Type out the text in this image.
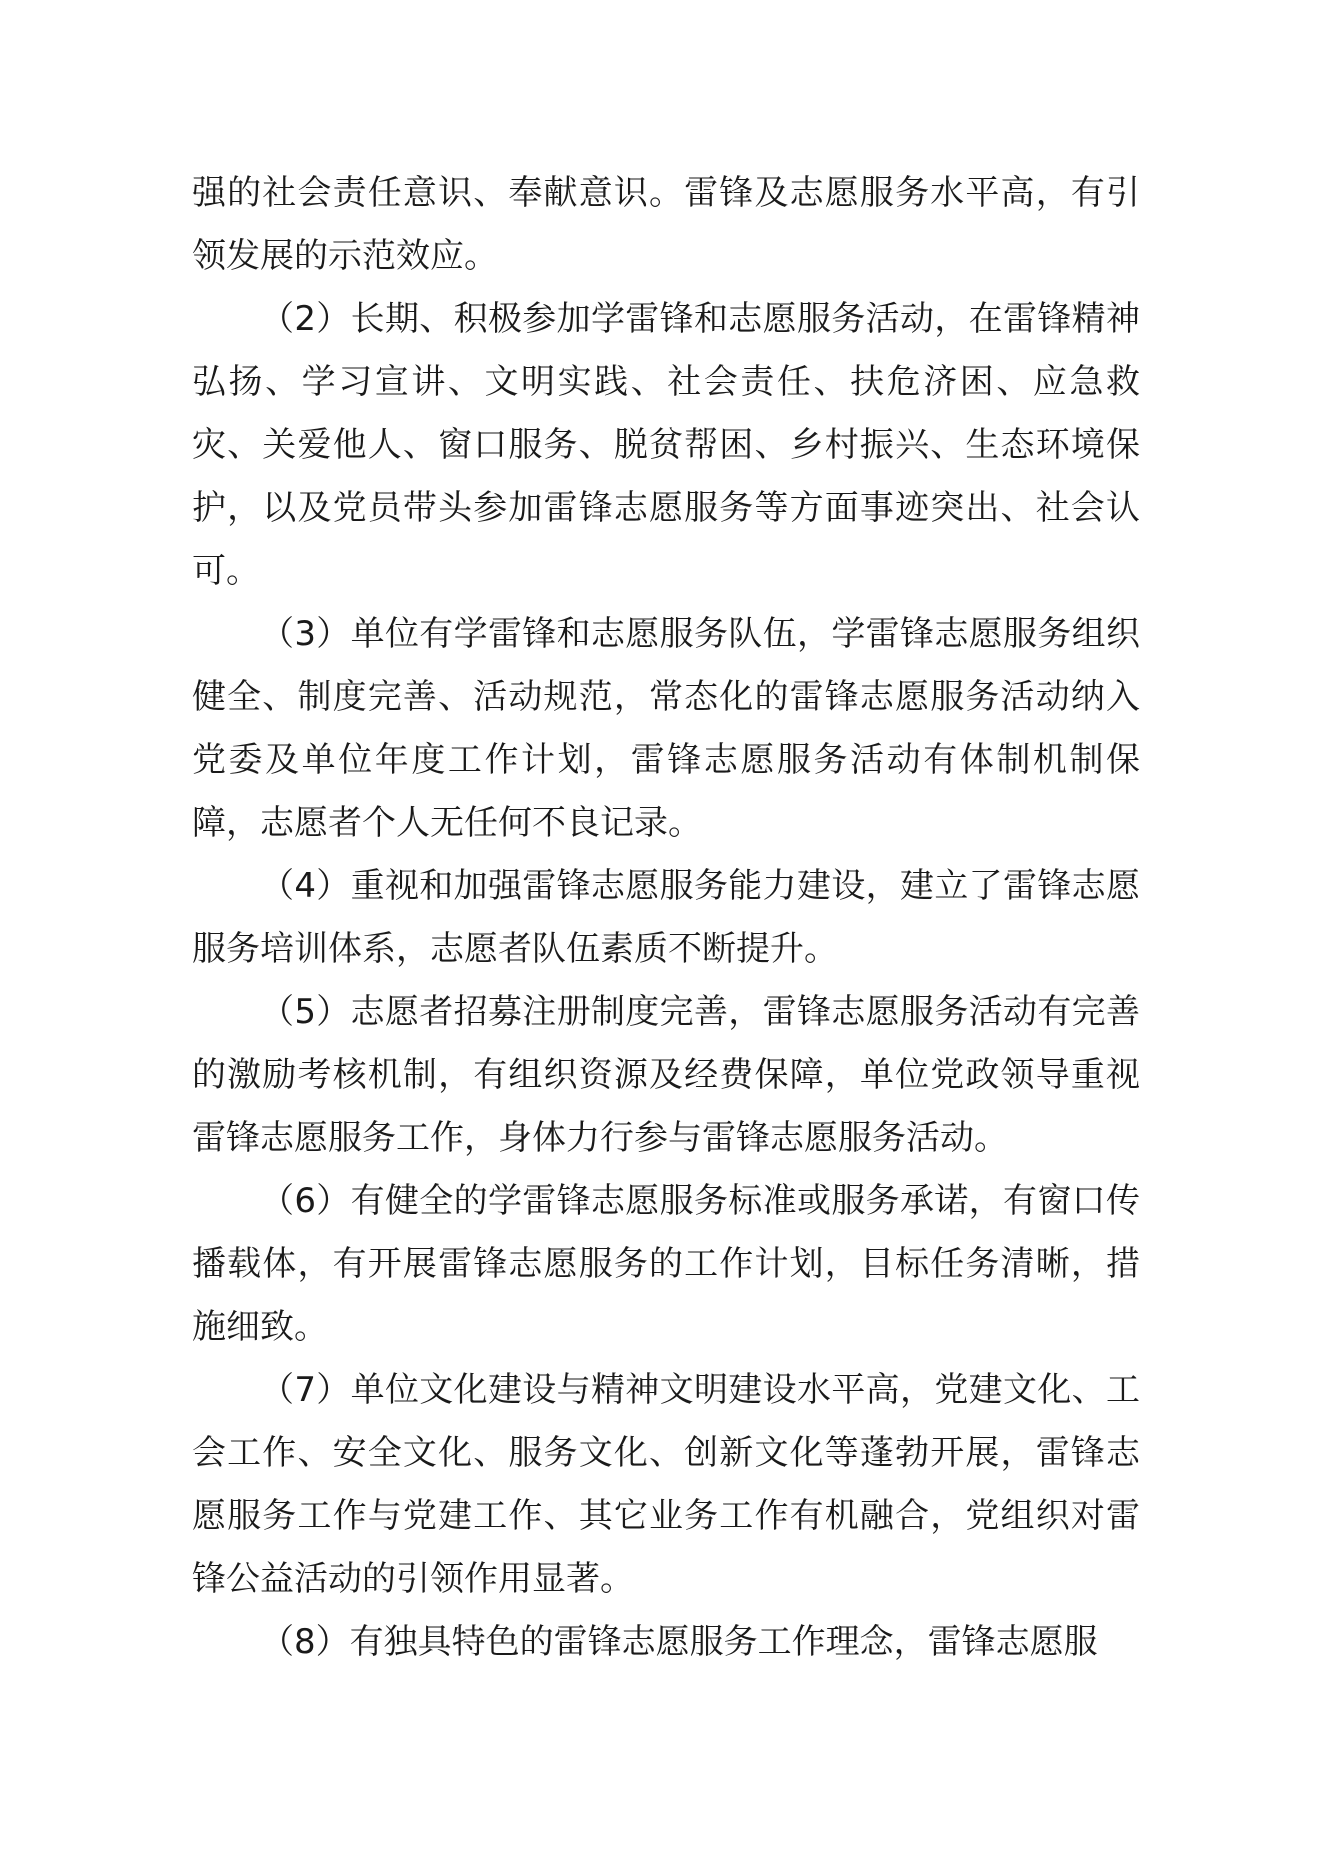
强的社会责任意识、奉献意识。雷锋及志愿服务水平高，有引领发展的示范效应。

（2）长期、积极参加学雷锋和志愿服务活动，在雷锋精神弘扬、学习宣讲、文明实践、社会责任、扶危济困、应急救灾、关爱他人、窗口服务、脱贫帮困、乡村振兴、生态环境保护，以及党员带头参加雷锋志愿服务等方面事迹突出、社会认可。

（3）单位有学雷锋和志愿服务队伍，学雷锋志愿服务组织健全、制度完善、活动规范，常态化的雷锋志愿服务活动纳入党委及单位年度工作计划，雷锋志愿服务活动有体制机制保障，志愿者个人无任何不良记录。

（4）重视和加强雷锋志愿服务能力建设，建立了雷锋志愿服务培训体系，志愿者队伍素质不断提升。

（5）志愿者招募注册制度完善，雷锋志愿服务活动有完善的激励考核机制，有组织资源及经费保障，单位党政领导重视雷锋志愿服务工作，身体力行参与雷锋志愿服务活动。

（6）有健全的学雷锋志愿服务标准或服务承诺，有窗口传播载体，有开展雷锋志愿服务的工作计划，目标任务清晰，措施细致。

（7）单位文化建设与精神文明建设水平高，党建文化、工会工作、安全文化、服务文化、创新文化等蓬勃开展，雷锋志愿服务工作与党建工作、其它业务工作有机融合，党组织对雷锋公益活动的引领作用显著。

（8）有独具特色的雷锋志愿服务工作理念，雷锋志愿服
